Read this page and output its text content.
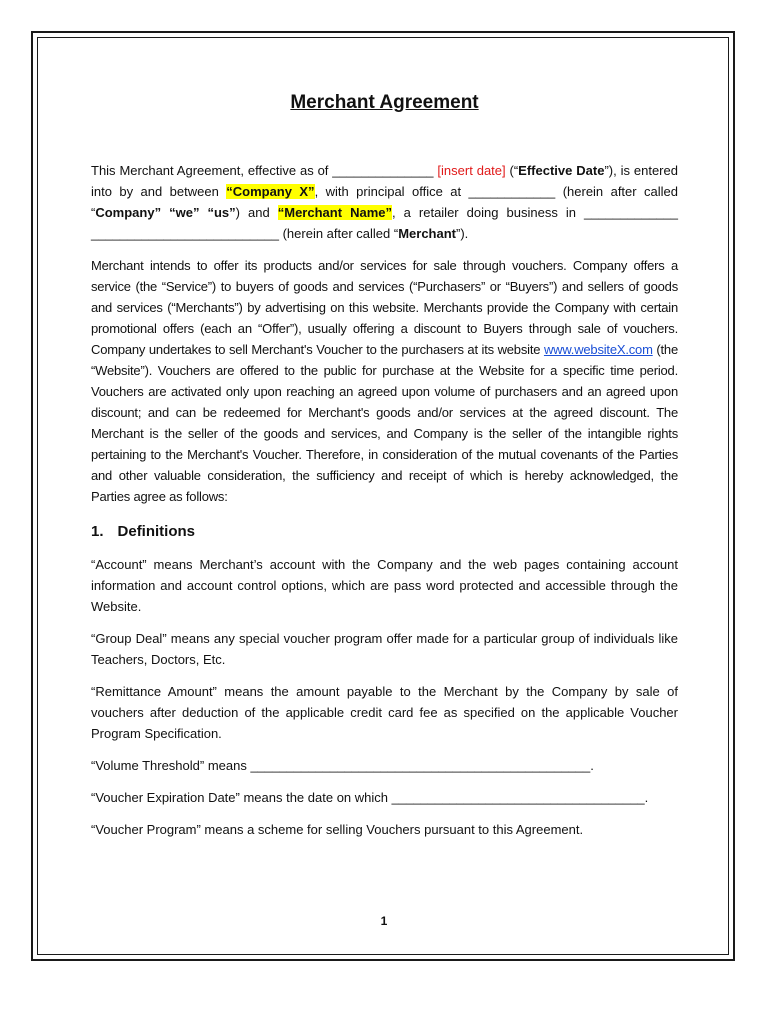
Merchant Agreement

This Merchant Agreement, effective as of ______________ [insert date] (“Effective Date”), is entered into by and between “Company X”, with principal office at ____________ (herein after called “Company” “we” “us”) and “Merchant Name”, a retailer doing business in _____________ __________________________ (herein after called “Merchant”).

Merchant intends to offer its products and/or services for sale through vouchers. Company offers a service (the “Service”) to buyers of goods and services (“Purchasers” or “Buyers”) and sellers of goods and services (“Merchants”) by advertising on this website. Merchants provide the Company with certain promotional offers (each an “Offer”), usually offering a discount to Buyers through sale of vouchers. Company undertakes to sell Merchant's Voucher to the purchasers at its website www.websiteX.com (the “Website”). Vouchers are offered to the public for purchase at the Website for a specific time period. Vouchers are activated only upon reaching an agreed upon volume of purchasers and an agreed upon discount; and can be redeemed for Merchant's goods and/or services at the agreed discount. The Merchant is the seller of the goods and services, and Company is the seller of the intangible rights pertaining to the Merchant's Voucher. Therefore, in consideration of the mutual covenants of the Parties and other valuable consideration, the sufficiency and receipt of which is hereby acknowledged, the Parties agree as follows:

1. Definitions

“Account” means Merchant’s account with the Company and the web pages containing account information and account control options, which are pass word protected and accessible through the Website.

“Group Deal” means any special voucher program offer made for a particular group of individuals like Teachers, Doctors, Etc.

“Remittance Amount” means the amount payable to the Merchant by the Company by sale of vouchers after deduction of the applicable credit card fee as specified on the applicable Voucher Program Specification.

“Volume Threshold” means _______________________________________________.

“Voucher Expiration Date” means the date on which ___________________________________.

“Voucher Program” means a scheme for selling Vouchers pursuant to this Agreement.

1
